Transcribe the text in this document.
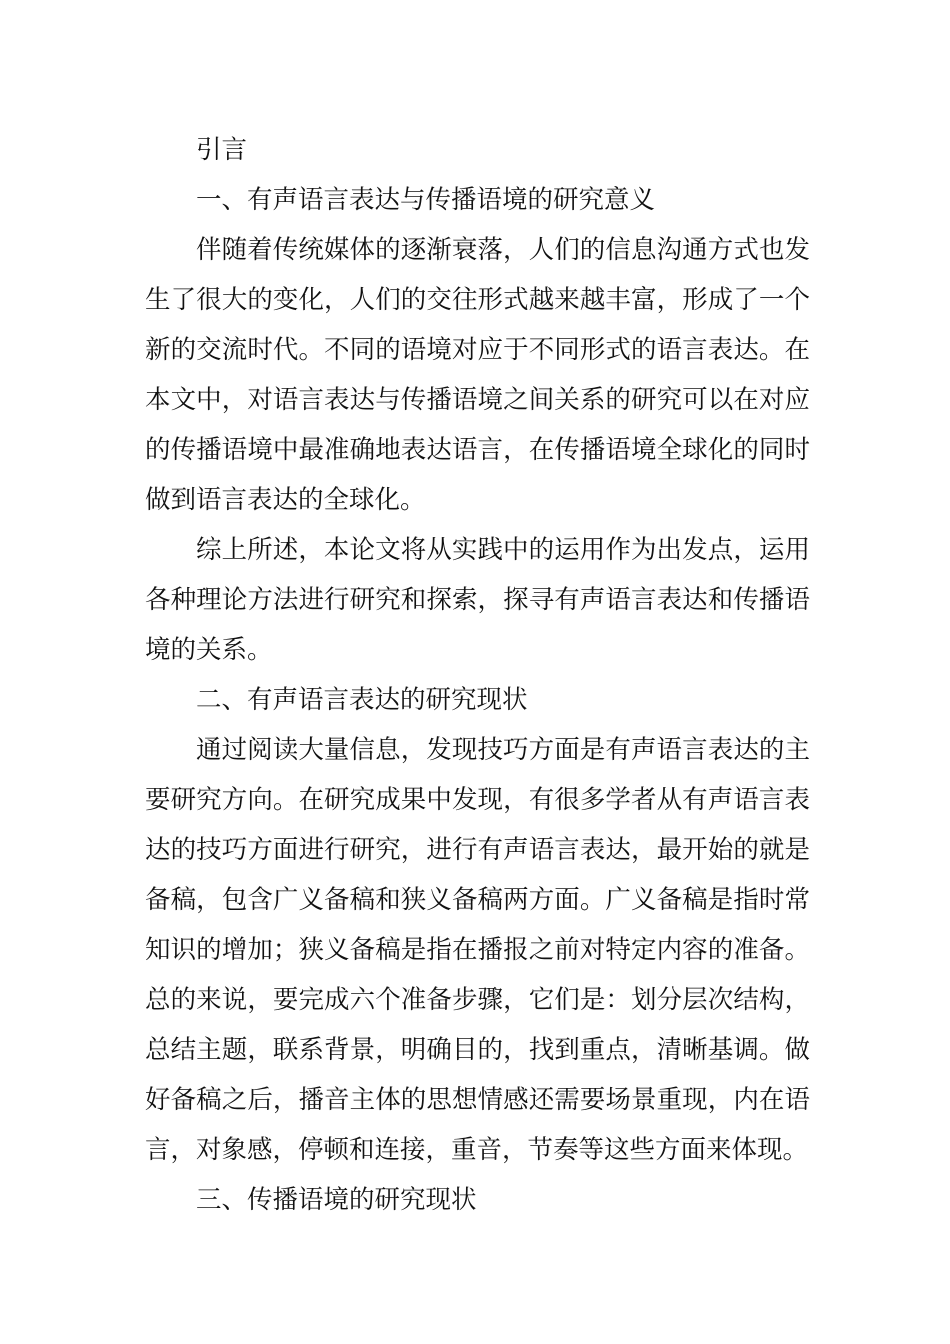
引言

一、有声语言表达与传播语境的研究意义

伴随着传统媒体的逐渐衰落，人们的信息沟通方式也发生了很大的变化，人们的交往形式越来越丰富，形成了一个新的交流时代。不同的语境对应于不同形式的语言表达。在本文中，对语言表达与传播语境之间关系的研究可以在对应的传播语境中最准确地表达语言，在传播语境全球化的同时做到语言表达的全球化。

综上所述，本论文将从实践中的运用作为出发点，运用各种理论方法进行研究和探索，探寻有声语言表达和传播语境的关系。

二、有声语言表达的研究现状

通过阅读大量信息，发现技巧方面是有声语言表达的主要研究方向。在研究成果中发现，有很多学者从有声语言表达的技巧方面进行研究，进行有声语言表达，最开始的就是备稿，包含广义备稿和狭义备稿两方面。广义备稿是指时常知识的增加；狭义备稿是指在播报之前对特定内容的准备。总的来说，要完成六个准备步骤，它们是：划分层次结构，总结主题，联系背景，明确目的，找到重点，清晰基调。做好备稿之后，播音主体的思想情感还需要场景重现，内在语言，对象感，停顿和连接，重音，节奏等这些方面来体现。

三、传播语境的研究现状
